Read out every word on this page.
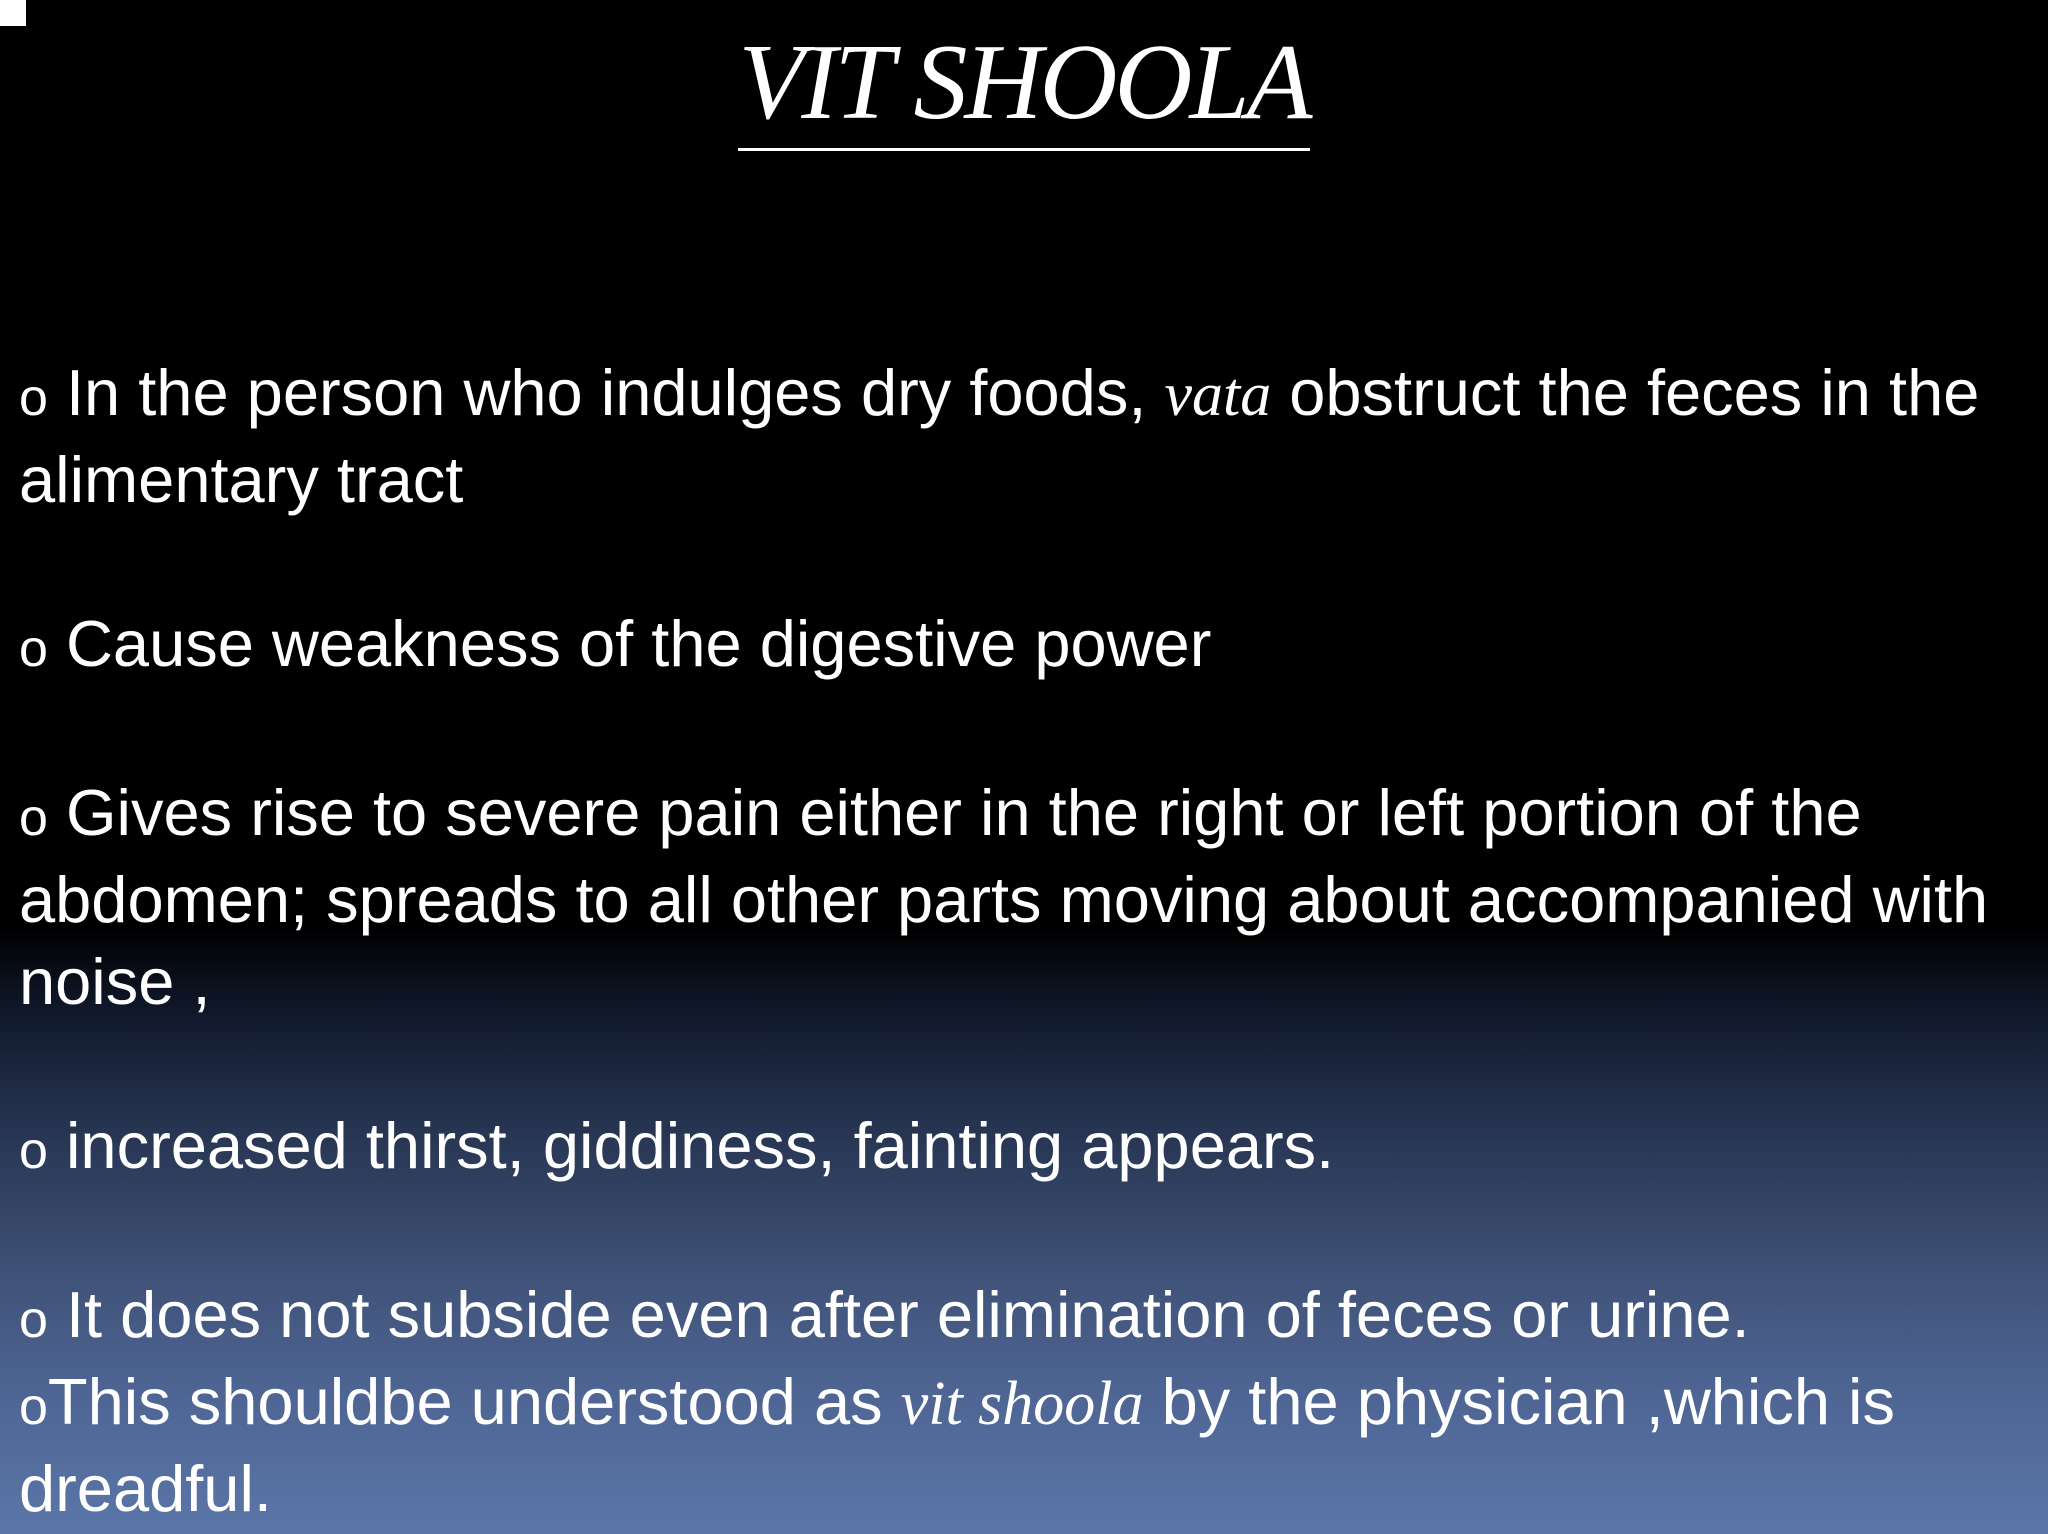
VIT SHOOLA

o In the person who indulges dry foods, vata obstruct the feces in the alimentary tract

o Cause weakness of the digestive power

o Gives rise to severe pain either in the right or left portion of the abdomen; spreads to all other parts moving about accompanied with noise ,

o increased thirst, giddiness, fainting appears.

o It does not subside even after elimination of feces or urine.

oThis shouldbe understood as vit shoola by the physician ,which is dreadful.
